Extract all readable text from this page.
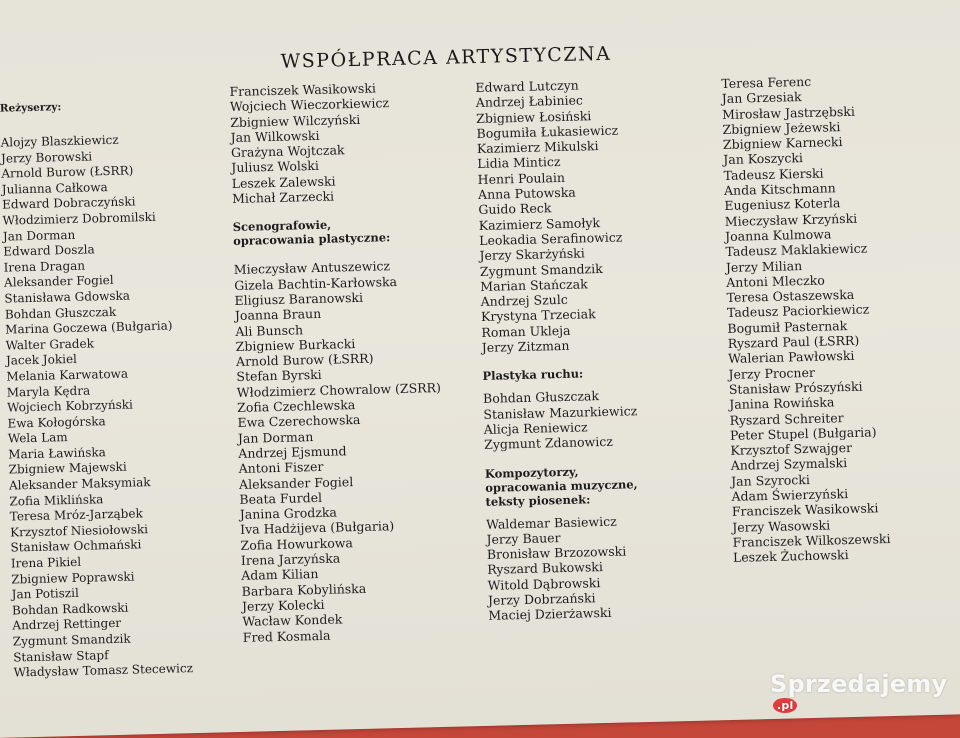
WSPÓŁPRACA ARTYSTYCZNA
Reżyserzy:
Alojzy Blaszkiewicz
Jerzy Borowski
Arnold Burow (ŁSRR)
Julianna Całkowa
Edward Dobraczyński
Włodzimierz Dobromilski
Jan Dorman
Edward Doszla
Irena Dragan
Aleksander Fogiel
Stanisława Gdowska
Bohdan Głuszczak
Marina Goczewa (Bułgaria)
Walter Gradek
Jacek Jokiel
Melania Karwatowa
Maryla Kędra
Wojciech Kobrzyński
Ewa Kołogórska
Wela Lam
Maria Ławińska
Zbigniew Majewski
Aleksander Maksymiak
Zofia Miklińska
Teresa Mróz-Jarząbek
Krzysztof Niesiołowski
Stanisław Ochmański
Irena Pikiel
Zbigniew Poprawski
Jan Potiszil
Bohdan Radkowski
Andrzej Rettinger
Zygmunt Smandzik
Stanisław Stapf
Władysław Tomasz Stecewicz
Franciszek Wasikowski
Wojciech Wieczorkiewicz
Zbigniew Wilczyński
Jan Wilkowski
Grażyna Wojtczak
Juliusz Wolski
Leszek Zalewski
Michał Zarzecki
Scenografowie,
opracowania plastyczne:
Mieczysław Antuszewicz
Gizela Bachtin-Karłowska
Eligiusz Baranowski
Joanna Braun
Ali Bunsch
Zbigniew Burkacki
Arnold Burow (ŁSRR)
Stefan Byrski
Włodzimierz Chowralow (ZSRR)
Zofia Czechlewska
Ewa Czerechowska
Jan Dorman
Andrzej Ejsmund
Antoni Fiszer
Aleksander Fogiel
Beata Furdel
Janina Grodzka
Iva Hadżijeva (Bułgaria)
Zofia Howurkowa
Irena Jarzyńska
Adam Kilian
Barbara Kobylińska
Jerzy Kolecki
Wacław Kondek
Fred Kosmala
Edward Lutczyn
Andrzej Łabiniec
Zbigniew Łosiński
Bogumiła Łukasiewicz
Kazimierz Mikulski
Lidia Minticz
Henri Poulain
Anna Putowska
Guido Reck
Kazimierz Samołyk
Leokadia Serafinowicz
Jerzy Skarżyński
Zygmunt Smandzik
Marian Stańczak
Andrzej Szulc
Krystyna Trzeciak
Roman Ukleja
Jerzy Zitzman
Plastyka ruchu:
Bohdan Głuszczak
Stanisław Mazurkiewicz
Alicja Reniewicz
Zygmunt Zdanowicz
Kompozytorzy,
opracowania muzyczne,
teksty piosenek:
Waldemar Basiewicz
Jerzy Bauer
Bronisław Brzozowski
Ryszard Bukowski
Witold Dąbrowski
Jerzy Dobrzański
Maciej Dzierżawski
Teresa Ferenc
Jan Grzesiak
Mirosław Jastrzębski
Zbigniew Jeżewski
Zbigniew Karnecki
Jan Koszycki
Tadeusz Kierski
Anda Kitschmann
Eugeniusz Koterla
Mieczysław Krzyński
Joanna Kulmowa
Tadeusz Maklakiewicz
Jerzy Milian
Antoni Mleczko
Teresa Ostaszewska
Tadeusz Paciorkiewicz
Bogumił Pasternak
Ryszard Paul (ŁSRR)
Walerian Pawłowski
Jerzy Procner
Stanisław Prószyński
Janina Rowińska
Ryszard Schreiter
Peter Stupel (Bułgaria)
Krzysztof Szwajger
Andrzej Szymalski
Jan Szyrocki
Adam Świerzyński
Franciszek Wasikowski
Jerzy Wasowski
Franciszek Wilkoszewski
Leszek Żuchowski
Sprzedajemy.pl
